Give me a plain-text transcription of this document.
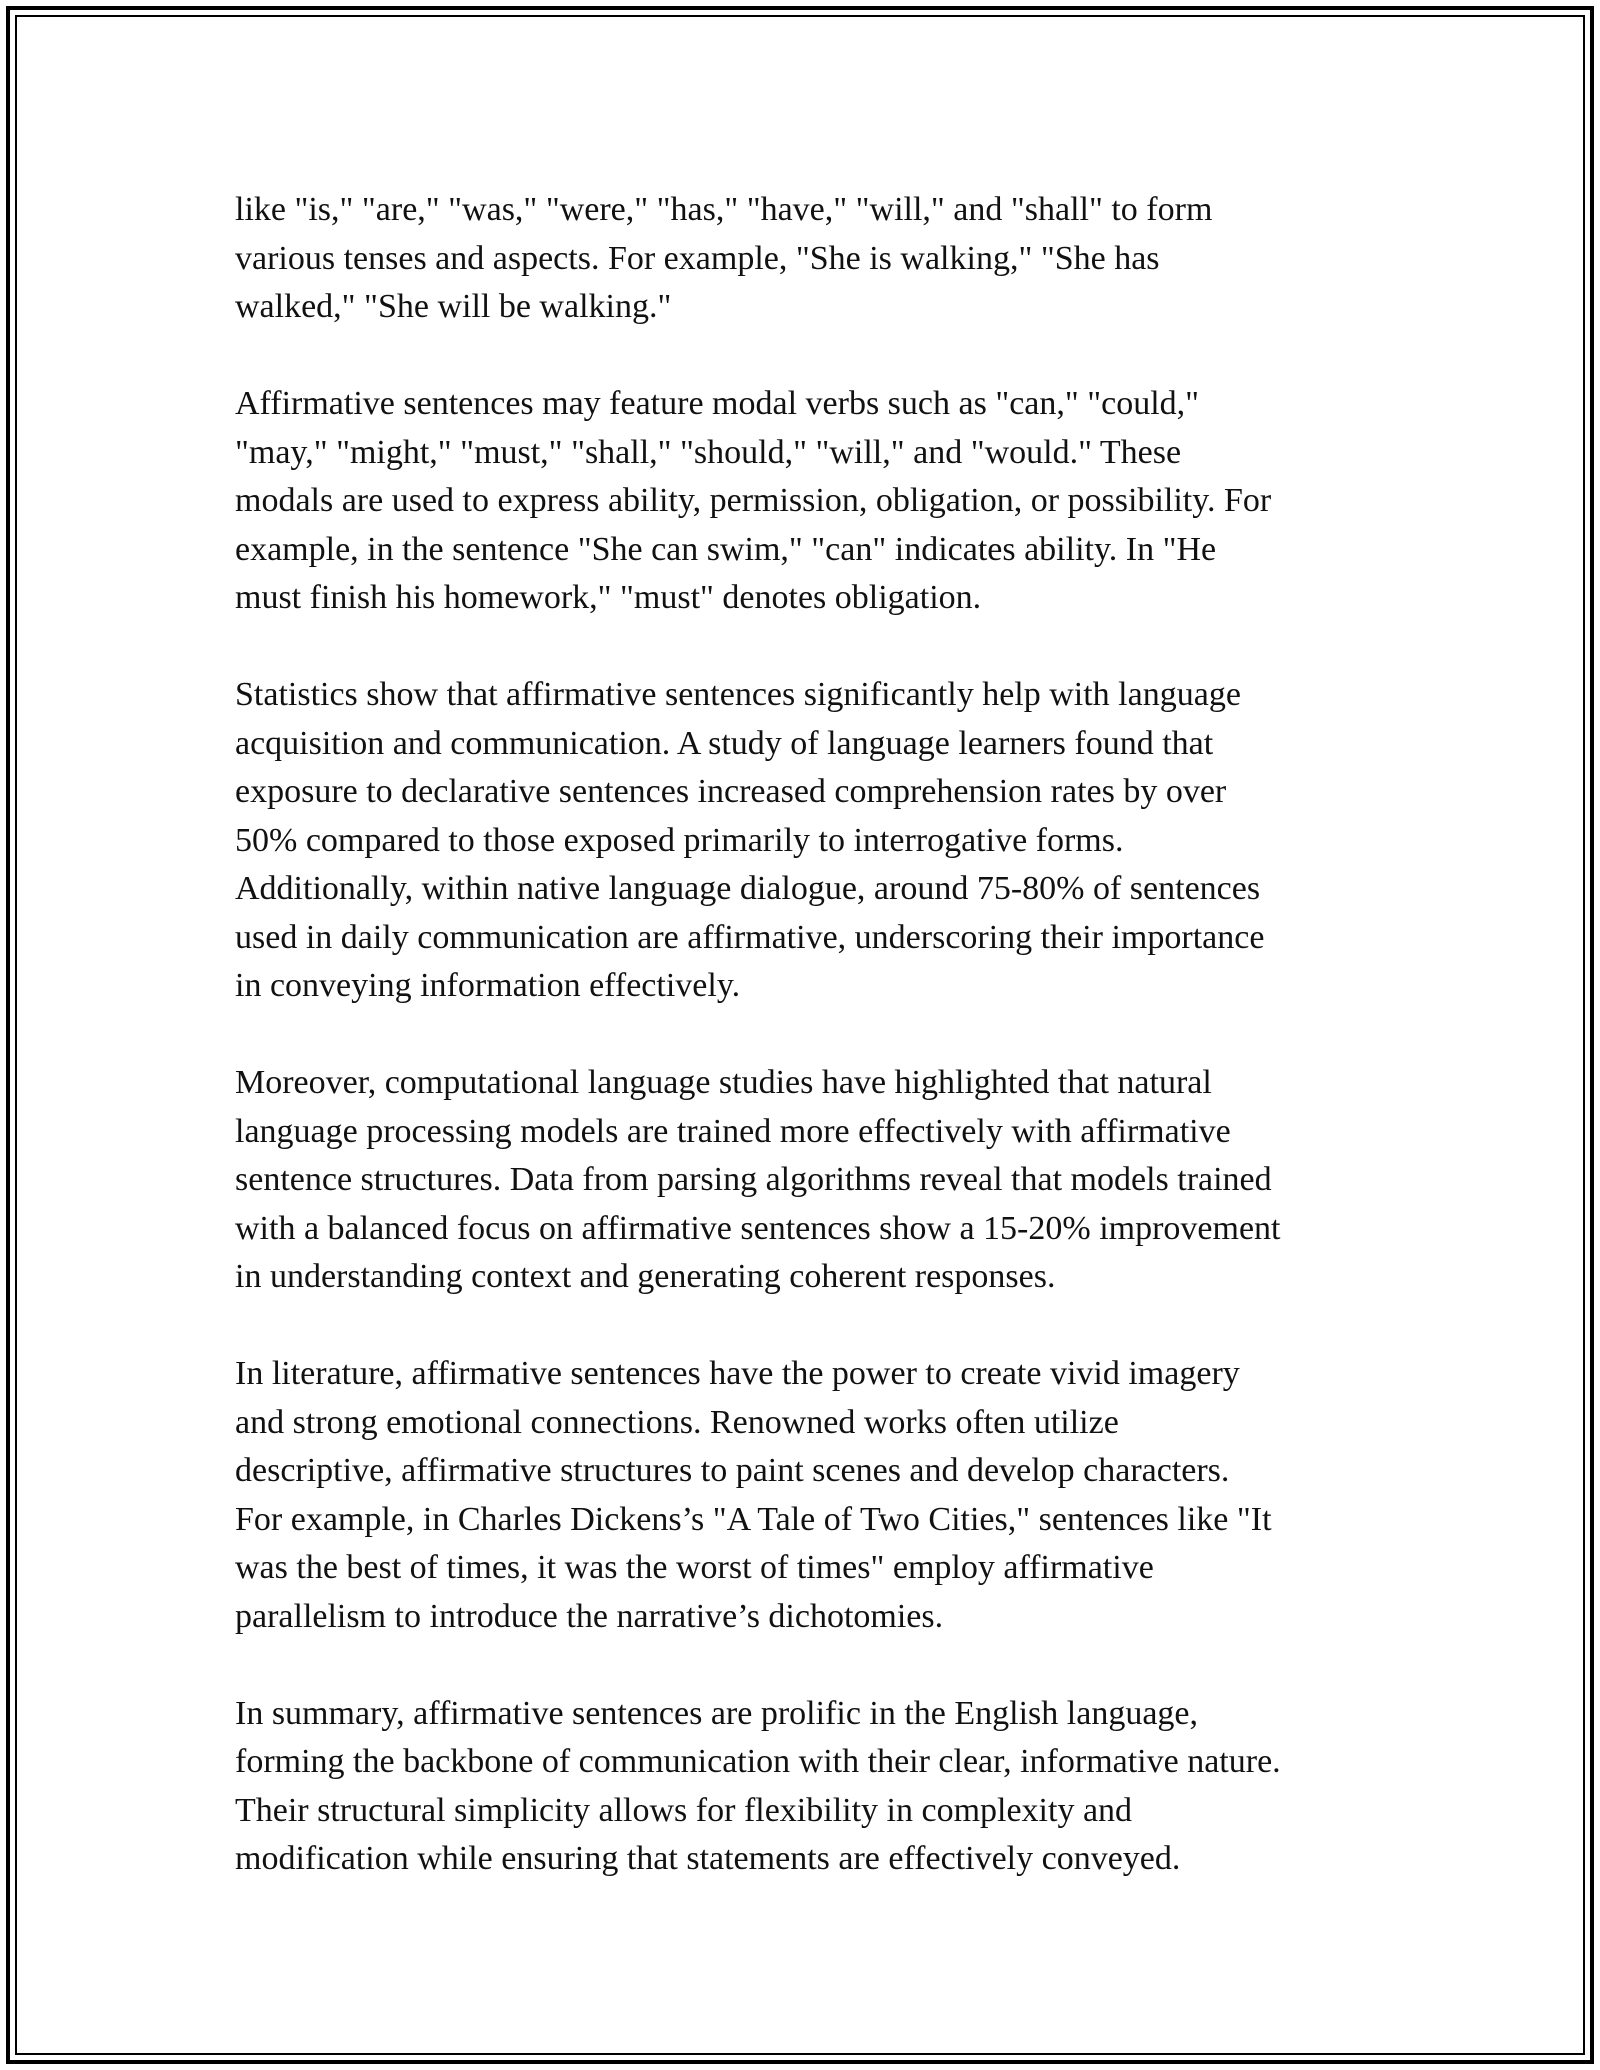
like "is," "are," "was," "were," "has," "have," "will," and "shall" to form
various tenses and aspects. For example, "She is walking," "She has
walked," "She will be walking."

Affirmative sentences may feature modal verbs such as "can," "could,"
"may," "might," "must," "shall," "should," "will," and "would." These
modals are used to express ability, permission, obligation, or possibility. For
example, in the sentence "She can swim," "can" indicates ability. In "He
must finish his homework," "must" denotes obligation.

Statistics show that affirmative sentences significantly help with language
acquisition and communication. A study of language learners found that
exposure to declarative sentences increased comprehension rates by over
50% compared to those exposed primarily to interrogative forms.
Additionally, within native language dialogue, around 75-80% of sentences
used in daily communication are affirmative, underscoring their importance
in conveying information effectively.

Moreover, computational language studies have highlighted that natural
language processing models are trained more effectively with affirmative
sentence structures. Data from parsing algorithms reveal that models trained
with a balanced focus on affirmative sentences show a 15-20% improvement
in understanding context and generating coherent responses.

In literature, affirmative sentences have the power to create vivid imagery
and strong emotional connections. Renowned works often utilize
descriptive, affirmative structures to paint scenes and develop characters.
For example, in Charles Dickens’s "A Tale of Two Cities," sentences like "It
was the best of times, it was the worst of times" employ affirmative
parallelism to introduce the narrative’s dichotomies.

In summary, affirmative sentences are prolific in the English language,
forming the backbone of communication with their clear, informative nature.
Their structural simplicity allows for flexibility in complexity and
modification while ensuring that statements are effectively conveyed.
